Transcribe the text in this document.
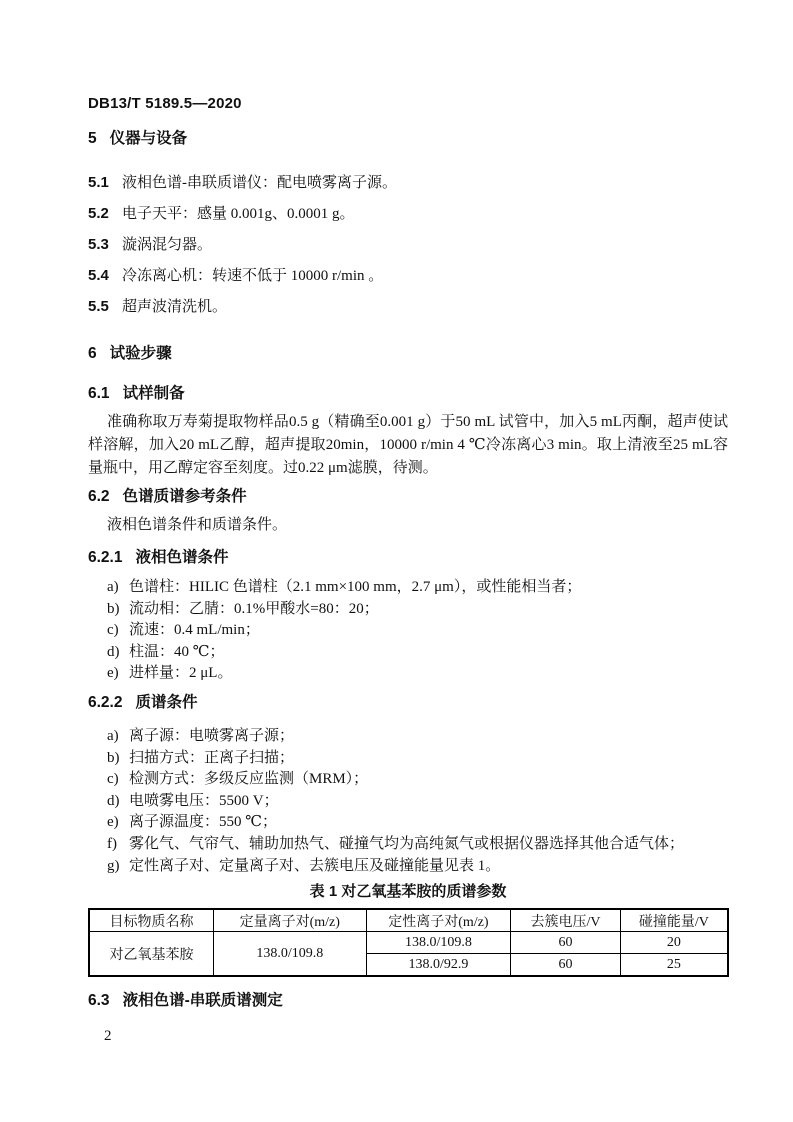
DB13/T 5189.5—2020
5 仪器与设备
5.1 液相色谱-串联质谱仪：配电喷雾离子源。
5.2 电子天平：感量 0.001g、0.0001 g。
5.3 漩涡混匀器。
5.4 冷冻离心机：转速不低于 10000 r/min 。
5.5 超声波清洗机。
6 试验步骤
6.1 试样制备

准确称取万寿菊提取物样品0.5 g（精确至0.001 g）于50 mL 试管中，加入5 mL丙酮，超声使试样溶解，加入20 mL乙醇，超声提取20min，10000 r/min 4 ℃冷冻离心3 min。取上清液至25 mL容量瓶中，用乙醇定容至刻度。过0.22 μm滤膜，待测。

6.2 色谱质谱参考条件

液相色谱条件和质谱条件。

6.2.1 液相色谱条件
a) 色谱柱：HILIC 色谱柱（2.1 mm×100 mm，2.7 μm），或性能相当者；
b) 流动相：乙腈：0.1%甲酸水=80：20；
c) 流速：0.4 mL/min；
d) 柱温：40 ℃；
e) 进样量：2 μL。
6.2.2 质谱条件
a) 离子源：电喷雾离子源；
b) 扫描方式：正离子扫描；
c) 检测方式：多级反应监测（MRM）；
d) 电喷雾电压：5500 V；
e) 离子源温度：550 ℃；
f) 雾化气、气帘气、辅助加热气、碰撞气均为高纯氮气或根据仪器选择其他合适气体；
g) 定性离子对、定量离子对、去簇电压及碰撞能量见表 1。
表 1 对乙氧基苯胺的质谱参数
目标物质名称	定量离子对(m/z)	定性离子对(m/z)	去簇电压/V	碰撞能量/V
对乙氧基苯胺	138.0/109.8	138.0/109.8	60	20
		138.0/92.9	60	25
6.3 液相色谱-串联质谱测定
2
